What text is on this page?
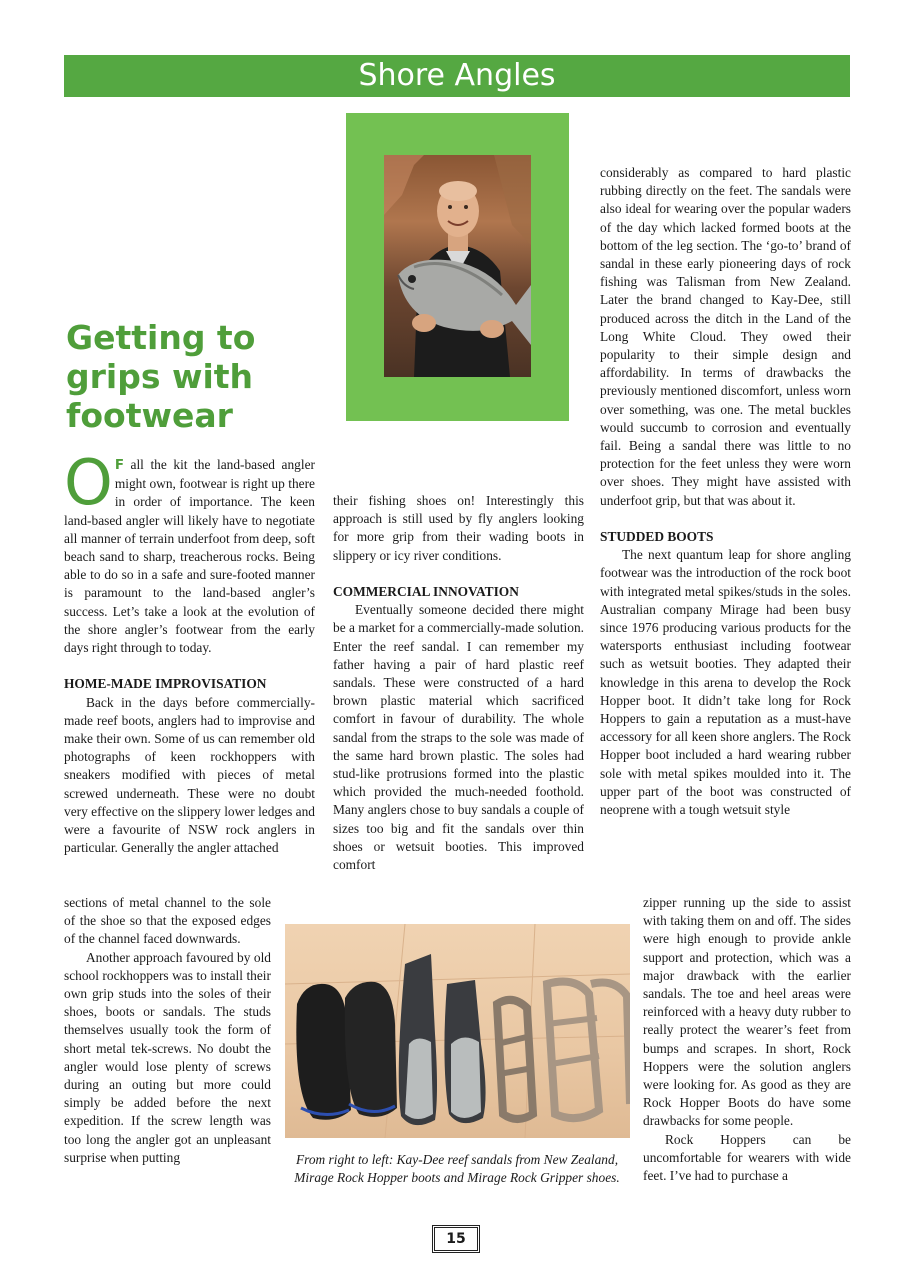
Shore Angles
Getting to
grips with
footwear

O F all the kit the land-based angler might own, footwear is right up there in order of importance. The keen land-based angler will likely have to negotiate all manner of terrain underfoot from deep, soft beach sand to sharp, treacherous rocks. Being able to do so in a safe and sure-footed manner is paramount to the land-based angler’s success. Let’s take a look at the evolution of the shore angler’s footwear from the early days right through to today.

HOME-MADE IMPROVISATION

Back in the days before commercially-made reef boots, anglers had to improvise and make their own. Some of us can remember old photographs of keen rockhoppers with sneakers modified with pieces of metal screwed underneath. These were no doubt very effective on the slippery lower ledges and were a favourite of NSW rock anglers in particular. Generally the angler attached

sections of metal channel to the sole of the shoe so that the exposed edges of the channel faced downwards.

Another approach favoured by old school rockhoppers was to install their own grip studs into the soles of their shoes, boots or sandals. The studs themselves usually took the form of short metal tek-screws. No doubt the angler would lose plenty of screws during an outing but more could simply be added before the next expedition. If the screw length was too long the angler got an unpleasant surprise when putting

their fishing shoes on! Interestingly this approach is still used by fly anglers looking for more grip from their wading boots in slippery or icy river conditions.

COMMERCIAL INNOVATION

Eventually someone decided there might be a market for a commercially-made solution. Enter the reef sandal. I can remember my father having a pair of hard plastic reef sandals. These were constructed of a hard brown plastic material which sacrificed comfort in favour of durability. The whole sandal from the straps to the sole was made of the same hard brown plastic. The soles had stud-like protrusions formed into the plastic which provided the much-needed foothold. Many anglers chose to buy sandals a couple of sizes too big and fit the sandals over thin shoes or wetsuit booties. This improved comfort

considerably as compared to hard plastic rubbing directly on the feet. The sandals were also ideal for wearing over the popular waders of the day which lacked formed boots at the bottom of the leg section. The ‘go-to’ brand of sandal in these early pioneering days of rock fishing was Talisman from New Zealand. Later the brand changed to Kay-Dee, still produced across the ditch in the Land of the Long White Cloud. They owed their popularity to their simple design and affordability. In terms of drawbacks the previously mentioned discomfort, unless worn over something, was one. The metal buckles would succumb to corrosion and eventually fail. Being a sandal there was little to no protection for the feet unless they were worn over shoes. They might have assisted with underfoot grip, but that was about it.

STUDDED BOOTS

The next quantum leap for shore angling footwear was the introduction of the rock boot with integrated metal spikes/studs in the soles. Australian company Mirage had been busy since 1976 producing various products for the watersports enthusiast including footwear such as wetsuit booties. They adapted their knowledge in this arena to develop the Rock Hopper boot. It didn’t take long for Rock Hoppers to gain a reputation as a must-have accessory for all keen shore anglers. The Rock Hopper boot included a hard wearing rubber sole with metal spikes moulded into it. The upper part of the boot was constructed of neoprene with a tough wetsuit style

zipper running up the side to assist with taking them on and off. The sides were high enough to provide ankle support and protection, which was a major drawback with the earlier sandals. The toe and heel areas were reinforced with a heavy duty rubber to really protect the wearer’s feet from bumps and scrapes. In short, Rock Hoppers were the solution anglers were looking for. As good as they are Rock Hopper Boots do have some drawbacks for some people.

Rock Hoppers can be uncomfortable for wearers with wide feet. I’ve had to purchase a

From right to left: Kay-Dee reef sandals from New Zealand, Mirage Rock Hopper boots and Mirage Rock Gripper shoes.
15
